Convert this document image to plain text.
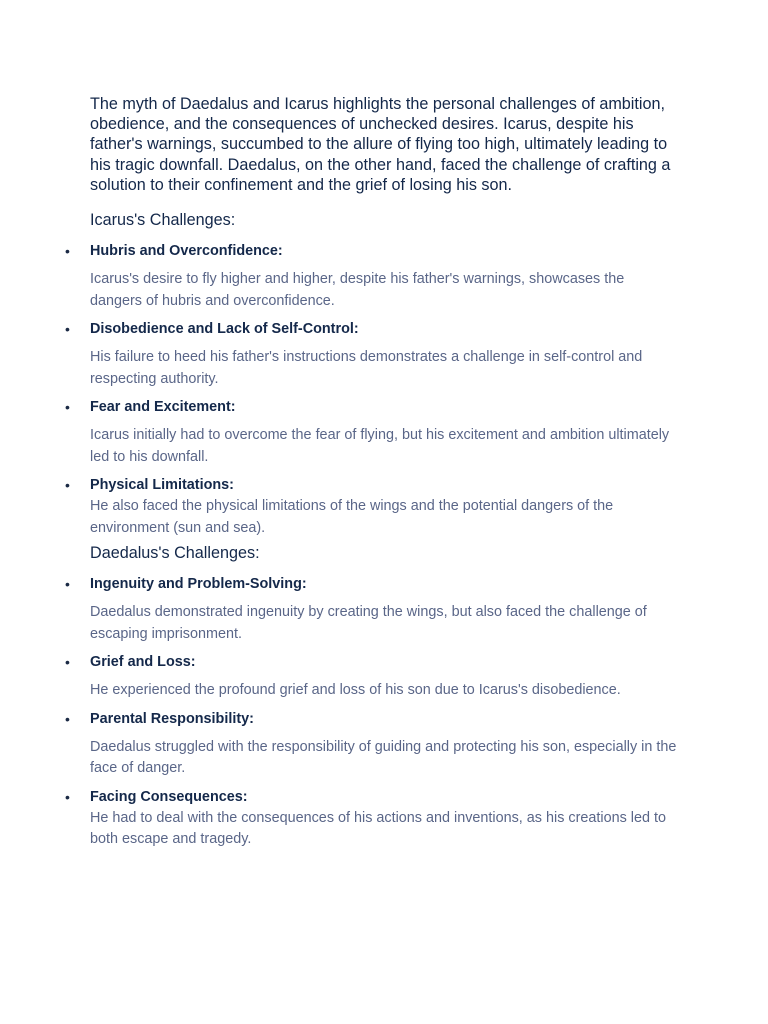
The myth of Daedalus and Icarus highlights the personal challenges of ambition, obedience, and the consequences of unchecked desires. Icarus, despite his father's warnings, succumbed to the allure of flying too high, ultimately leading to his tragic downfall. Daedalus, on the other hand, faced the challenge of crafting a solution to their confinement and the grief of losing his son.

Icarus's Challenges:
•	Hubris and Overconfidence:
Icarus's desire to fly higher and higher, despite his father's warnings, showcases the dangers of hubris and overconfidence.
•	Disobedience and Lack of Self-Control:
His failure to heed his father's instructions demonstrates a challenge in self-control and respecting authority.
•	Fear and Excitement:
Icarus initially had to overcome the fear of flying, but his excitement and ambition ultimately led to his downfall.
•	Physical Limitations:
He also faced the physical limitations of the wings and the potential dangers of the environment (sun and sea).
Daedalus's Challenges:
•	Ingenuity and Problem-Solving:
Daedalus demonstrated ingenuity by creating the wings, but also faced the challenge of escaping imprisonment.
•	Grief and Loss:
He experienced the profound grief and loss of his son due to Icarus's disobedience.
•	Parental Responsibility:
Daedalus struggled with the responsibility of guiding and protecting his son, especially in the face of danger.
•	Facing Consequences:
He had to deal with the consequences of his actions and inventions, as his creations led to both escape and tragedy.
